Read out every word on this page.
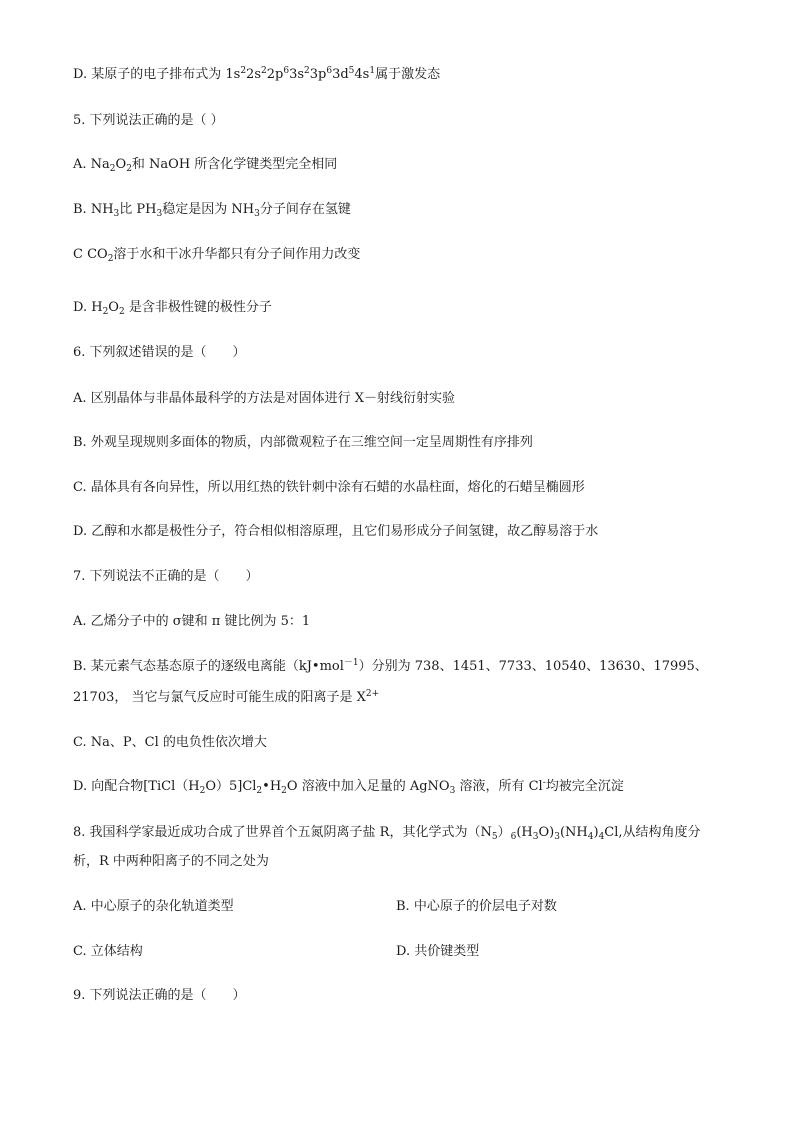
D. 某原子的电子排布式为 $1s^22s^22p^63s^23p^63d^54s^1$属于激发态
5. 下列说法正确的是（ ）
A. $Na_2O_2$和 NaOH 所含化学键类型完全相同
B. $NH_3$比 $PH_3$稳定是因为 $NH_3$分子间存在氢键
C $CO_2$溶于水和干冰升华都只有分子间作用力改变
D. $H_2O_2$ 是含非极性键的极性分子
6. 下列叙述错误的是（　　）
A. 区别晶体与非晶体最科学的方法是对固体进行 X－射线衍射实验
B. 外观呈现规则多面体的物质，内部微观粒子在三维空间一定呈周期性有序排列
C. 晶体具有各向异性，所以用红热的铁针刺中涂有石蜡的水晶柱面，熔化的石蜡呈椭圆形
D. 乙醇和水都是极性分子，符合相似相溶原理，且它们易形成分子间氢键，故乙醇易溶于水
7. 下列说法不正确的是（　　）
A. 乙烯分子中的 σ键和 π 键比例为 5：1
B. 某元素气态基态原子的逐级电离能（kJ•mol$^{-1}$）分别为 738、1451、7733、10540、13630、17995、
21703， 当它与氯气反应时可能生成的阳离子是 $X^{2+}$
C. Na、P、Cl 的电负性依次增大
D. 向配合物$[TiCl(H_2O)5]Cl_2•H_2O$ 溶液中加入足量的 AgNO$_3$ 溶液，所有 Cl-均被完全沉淀
8. 我国科学家最近成功合成了世界首个五氮阴离子盐 R，其化学式为$(N_5)_6(H_3O)_3(NH_4)_4Cl$,从结构角度分
析，R 中两种阳离子的不同之处为
A. 中心原子的杂化轨道类型	B. 中心原子的价层电子对数
C. 立体结构	D. 共价键类型
9. 下列说法正确的是（　　）
